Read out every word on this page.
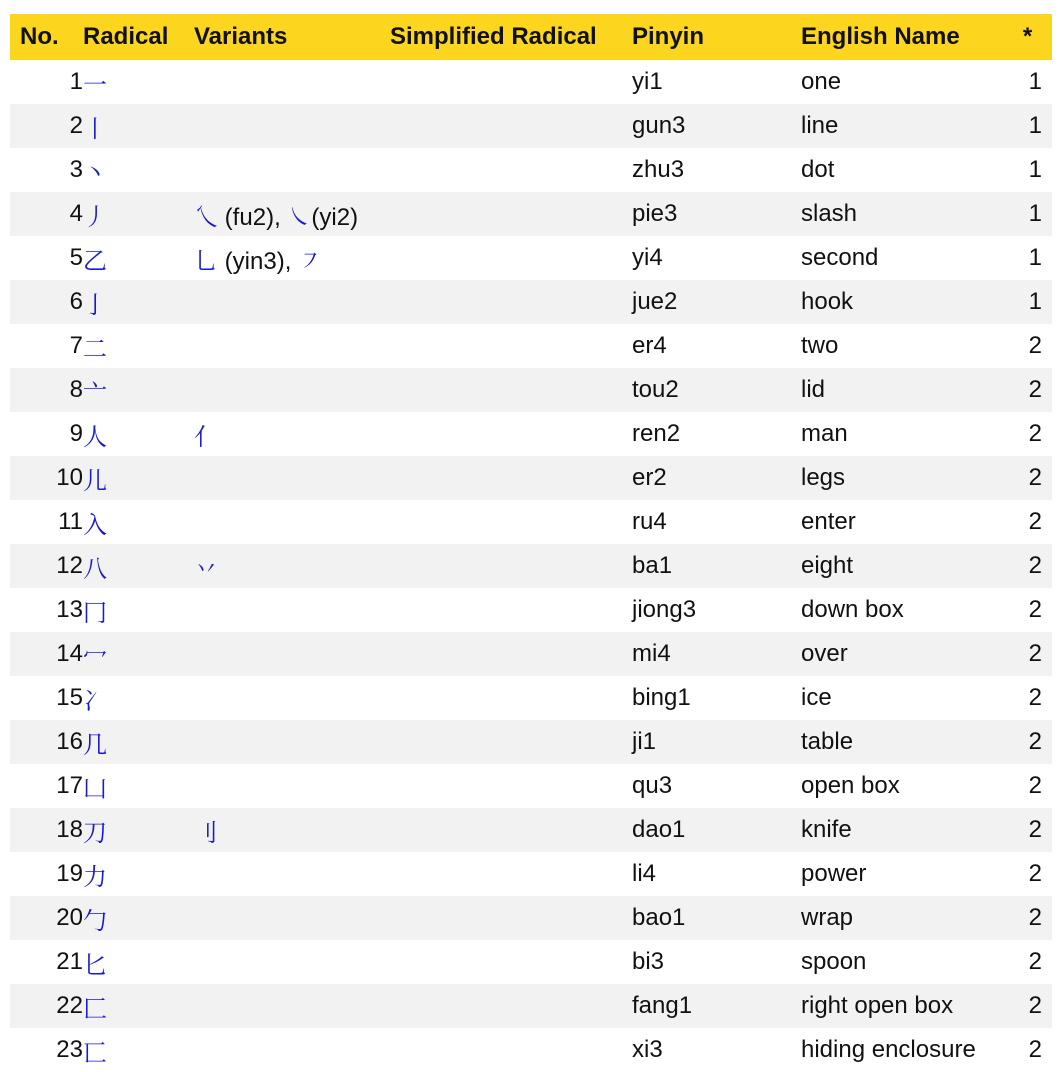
No.	Radical	Variants	Simplified Radical	Pinyin	English Name	*

1	一			yi1	one	1

2	丨			gun3	line	1

3	丶			zhu3	dot	1

4	丿	乀 (fu2), ㇏(yi2)		pie3	slash	1

5	乙	乚 (yin3), ㇇		yi4	second	1

6	亅			jue2	hook	1

7	二			er4	two	2

8	亠			tou2	lid	2

9	人	亻		ren2	man	2

10	儿			er2	legs	2

11	入			ru4	enter	2

12	八	丷		ba1	eight	2

13	冂			jiong3	down box	2

14	冖			mi4	over	2

15	冫			bing1	ice	2

16	几			ji1	table	2

17	凵			qu3	open box	2

18	刀	刂		dao1	knife	2

19	力			li4	power	2

20	勹			bao1	wrap	2

21	匕			bi3	spoon	2

22	匚			fang1	right open box	2

23	匸			xi3	hiding enclosure	2
